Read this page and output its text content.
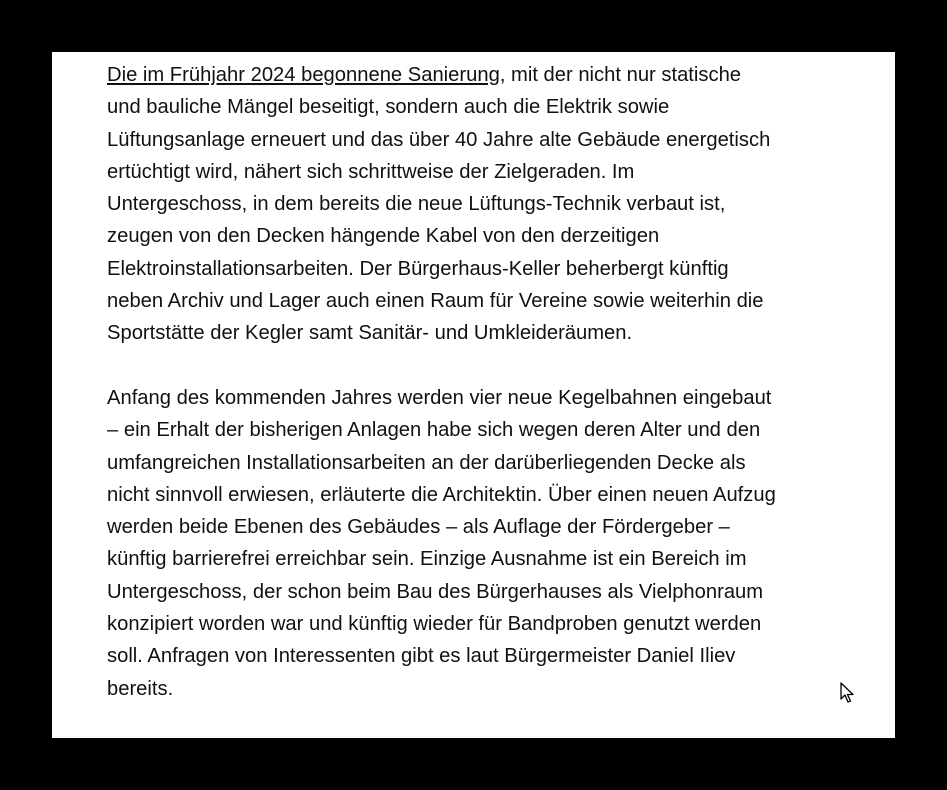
Die im Frühjahr 2024 begonnene Sanierung, mit der nicht nur statische
und bauliche Mängel beseitigt, sondern auch die Elektrik sowie
Lüftungsanlage erneuert und das über 40 Jahre alte Gebäude energetisch
ertüchtigt wird, nähert sich schrittweise der Zielgeraden. Im
Untergeschoss, in dem bereits die neue Lüftungs-Technik verbaut ist,
zeugen von den Decken hängende Kabel von den derzeitigen
Elektroinstallationsarbeiten. Der Bürgerhaus-Keller beherbergt künftig
neben Archiv und Lager auch einen Raum für Vereine sowie weiterhin die
Sportstätte der Kegler samt Sanitär- und Umkleideräumen.

Anfang des kommenden Jahres werden vier neue Kegelbahnen eingebaut
– ein Erhalt der bisherigen Anlagen habe sich wegen deren Alter und den
umfangreichen Installationsarbeiten an der darüberliegenden Decke als
nicht sinnvoll erwiesen, erläuterte die Architektin. Über einen neuen Aufzug
werden beide Ebenen des Gebäudes – als Auflage der Fördergeber –
künftig barrierefrei erreichbar sein. Einzige Ausnahme ist ein Bereich im
Untergeschoss, der schon beim Bau des Bürgerhauses als Vielphonraum
konzipiert worden war und künftig wieder für Bandproben genutzt werden
soll. Anfragen von Interessenten gibt es laut Bürgermeister Daniel Iliev
bereits.
